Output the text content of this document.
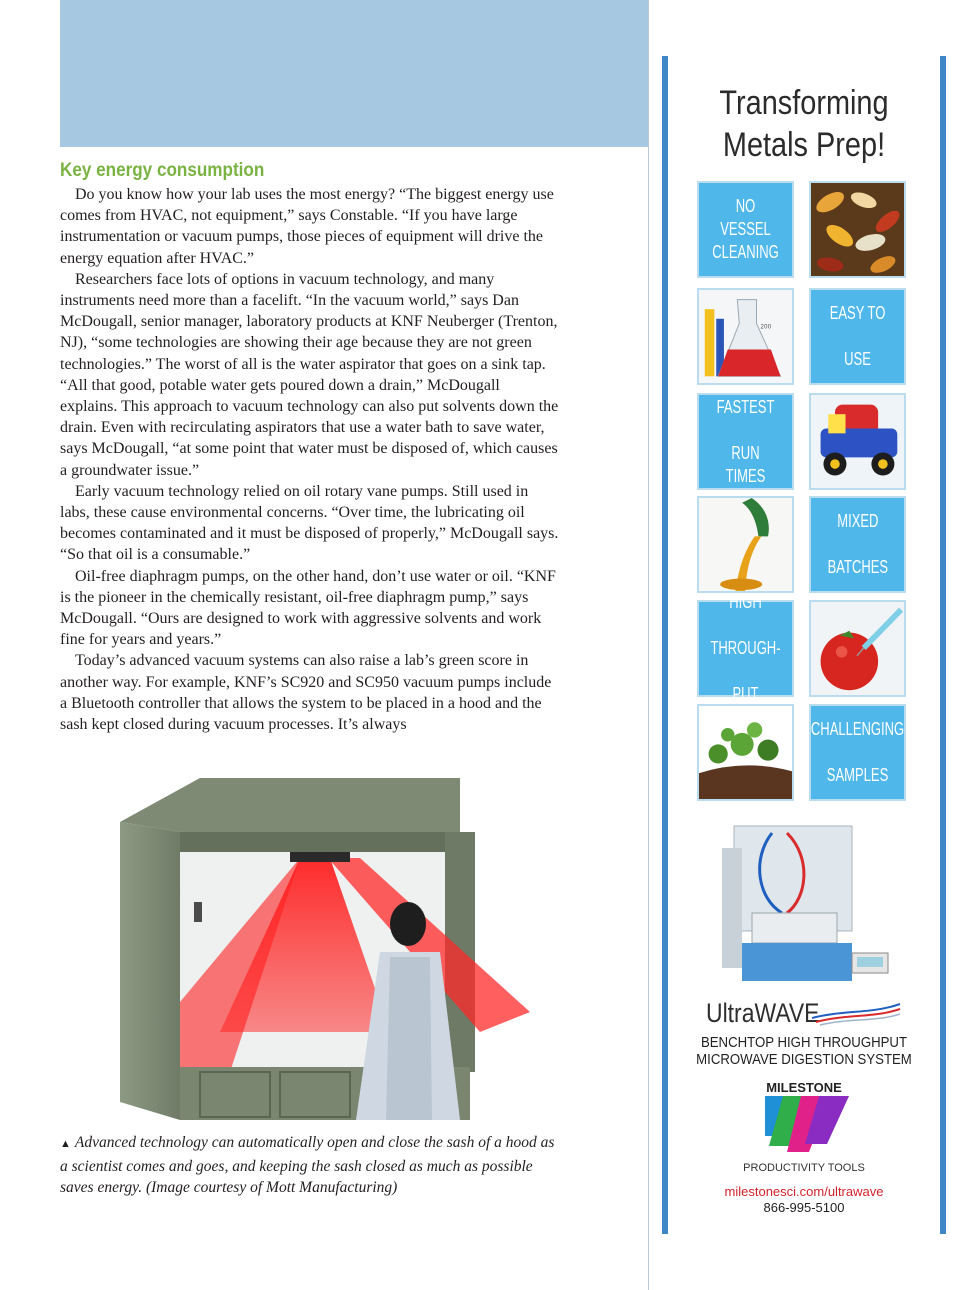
GOING GREENER
Key energy consumption

Do you know how your lab uses the most energy? “The biggest energy use comes from HVAC, not equipment,” says Constable. “If you have large instrumentation or vacuum pumps, those pieces of equipment will drive the energy equation after HVAC.”

Researchers face lots of options in vacuum technology, and many instruments need more than a facelift. “In the vacuum world,” says Dan McDougall, senior manager, laboratory products at KNF Neuberger (Trenton, NJ), “some technologies are showing their age because they are not green technologies.” The worst of all is the water aspirator that goes on a sink tap. “All that good, potable water gets poured down a drain,” McDougall explains. This approach to vacuum technology can also put solvents down the drain. Even with recirculating aspirators that use a water bath to save water, says McDougall, “at some point that water must be disposed of, which causes a groundwater issue.”

Early vacuum technology relied on oil rotary vane pumps. Still used in labs, these cause environmental concerns. “Over time, the lubricating oil becomes contaminated and it must be disposed of properly,” McDougall says. “So that oil is a consumable.”

Oil-free diaphragm pumps, on the other hand, don’t use water or oil. “KNF is the pioneer in the chemically resistant, oil-free diaphragm pump,” says McDougall. “Ours are designed to work with aggressive solvents and work fine for years and years.”

Today’s advanced vacuum systems can also raise a lab’s green score in another way. For example, KNF’s SC920 and SC950 vacuum pumps include a Bluetooth controller that allows the system to be placed in a hood and the sash kept closed during vacuum processes. It’s always

▲ Advanced technology can automatically open and close the sash of a hood as a scientist comes and goes, and keeping the sash closed as much as possible saves energy. (Image courtesy of Mott Manufacturing)
Transforming
Metals Prep!
NO VESSEL
CLEANING
200
EASY TO

USE
FASTEST

RUN TIMES
MIXED

BATCHES
HIGH

THROUGH-

PUT
CHALLENGING

SAMPLES
UltraWAVE
BENCHTOP HIGH THROUGHPUT
MICROWAVE DIGESTION SYSTEM
MILESTONE
PRODUCTIVITY TOOLS
milestonesci.com/ultrawave
866-995-5100
